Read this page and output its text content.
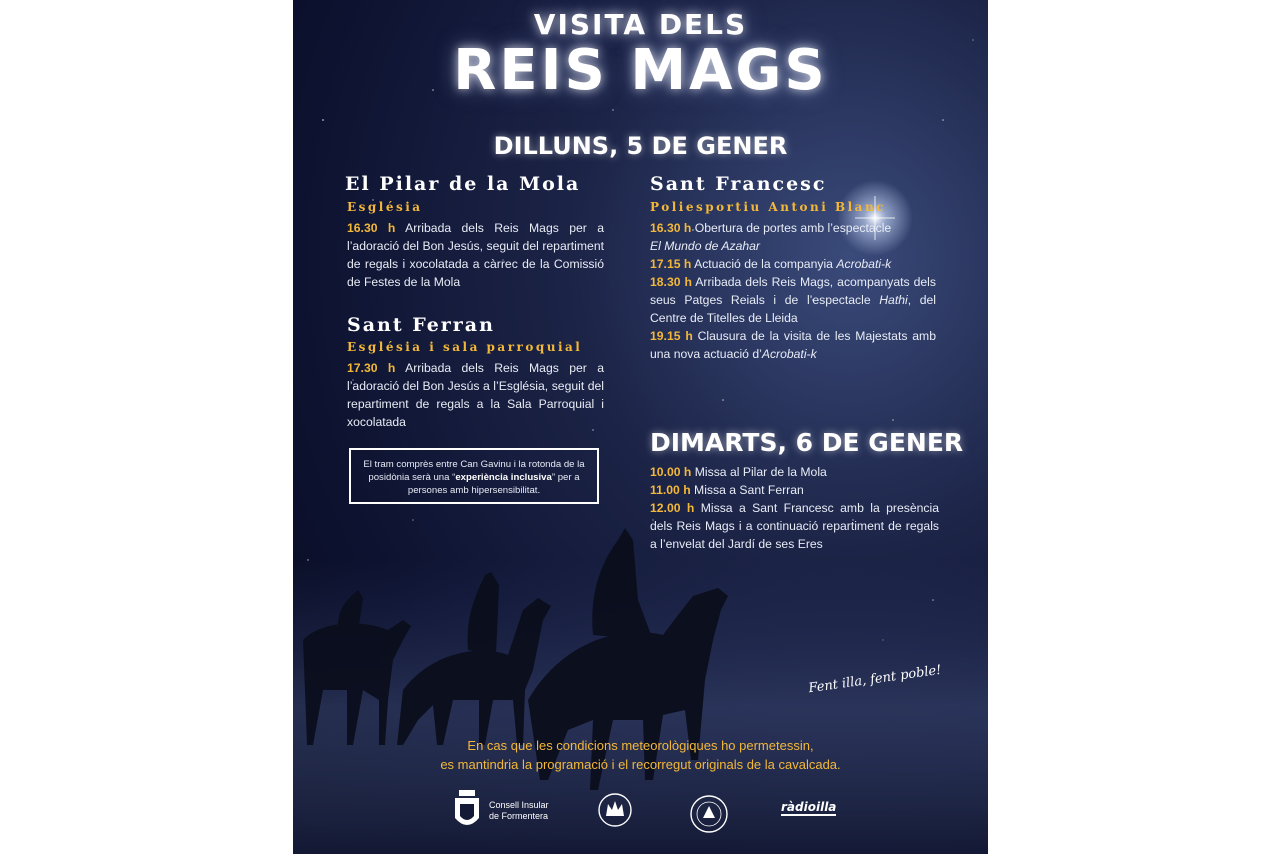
VISITA DELS
REIS MAGS
DILLUNS, 5 DE GENER
El Pilar de la Mola
Església
16.30 h Arribada dels Reis Mags per a l’adoració del Bon Jesús, seguit del repartiment de regals i xocolatada a càrrec de la Comissió de Festes de la Mola
Sant Ferran
Església i sala parroquial
17.30 h Arribada dels Reis Mags per a l’adoració del Bon Jesús a l’Església, seguit del repartiment de regals a la Sala Parroquial i xocolatada
Sant Francesc
Poliesportiu Antoni Blanc
16.30 h Obertura de portes amb l’espectacle
El Mundo de Azahar
17.15 h Actuació de la companyia Acrobati-k
18.30 h Arribada dels Reis Mags, acompanyats dels seus Patges Reials i de l’espectacle Hathi, del Centre de Titelles de Lleida
19.15 h Clausura de la visita de les Majestats amb una nova actuació d’Acrobati-k
El tram comprès entre Can Gavinu i la rotonda de la posidònia serà una “experiència inclusiva” per a persones amb hipersensibilitat.
DIMARTS, 6 DE GENER
10.00 h Missa al Pilar de la Mola
11.00 h Missa a Sant Ferran
12.00 h Missa a Sant Francesc amb la presència dels Reis Mags i a continuació repartiment de regals a l’envelat del Jardí de ses Eres
Fent illa, fent poble!
En cas que les condicions meteorològiques ho permetessin,
es mantindria la programació i el recorregut originals de la cavalcada.
Consell Insular
de Formentera
ràdioilla
